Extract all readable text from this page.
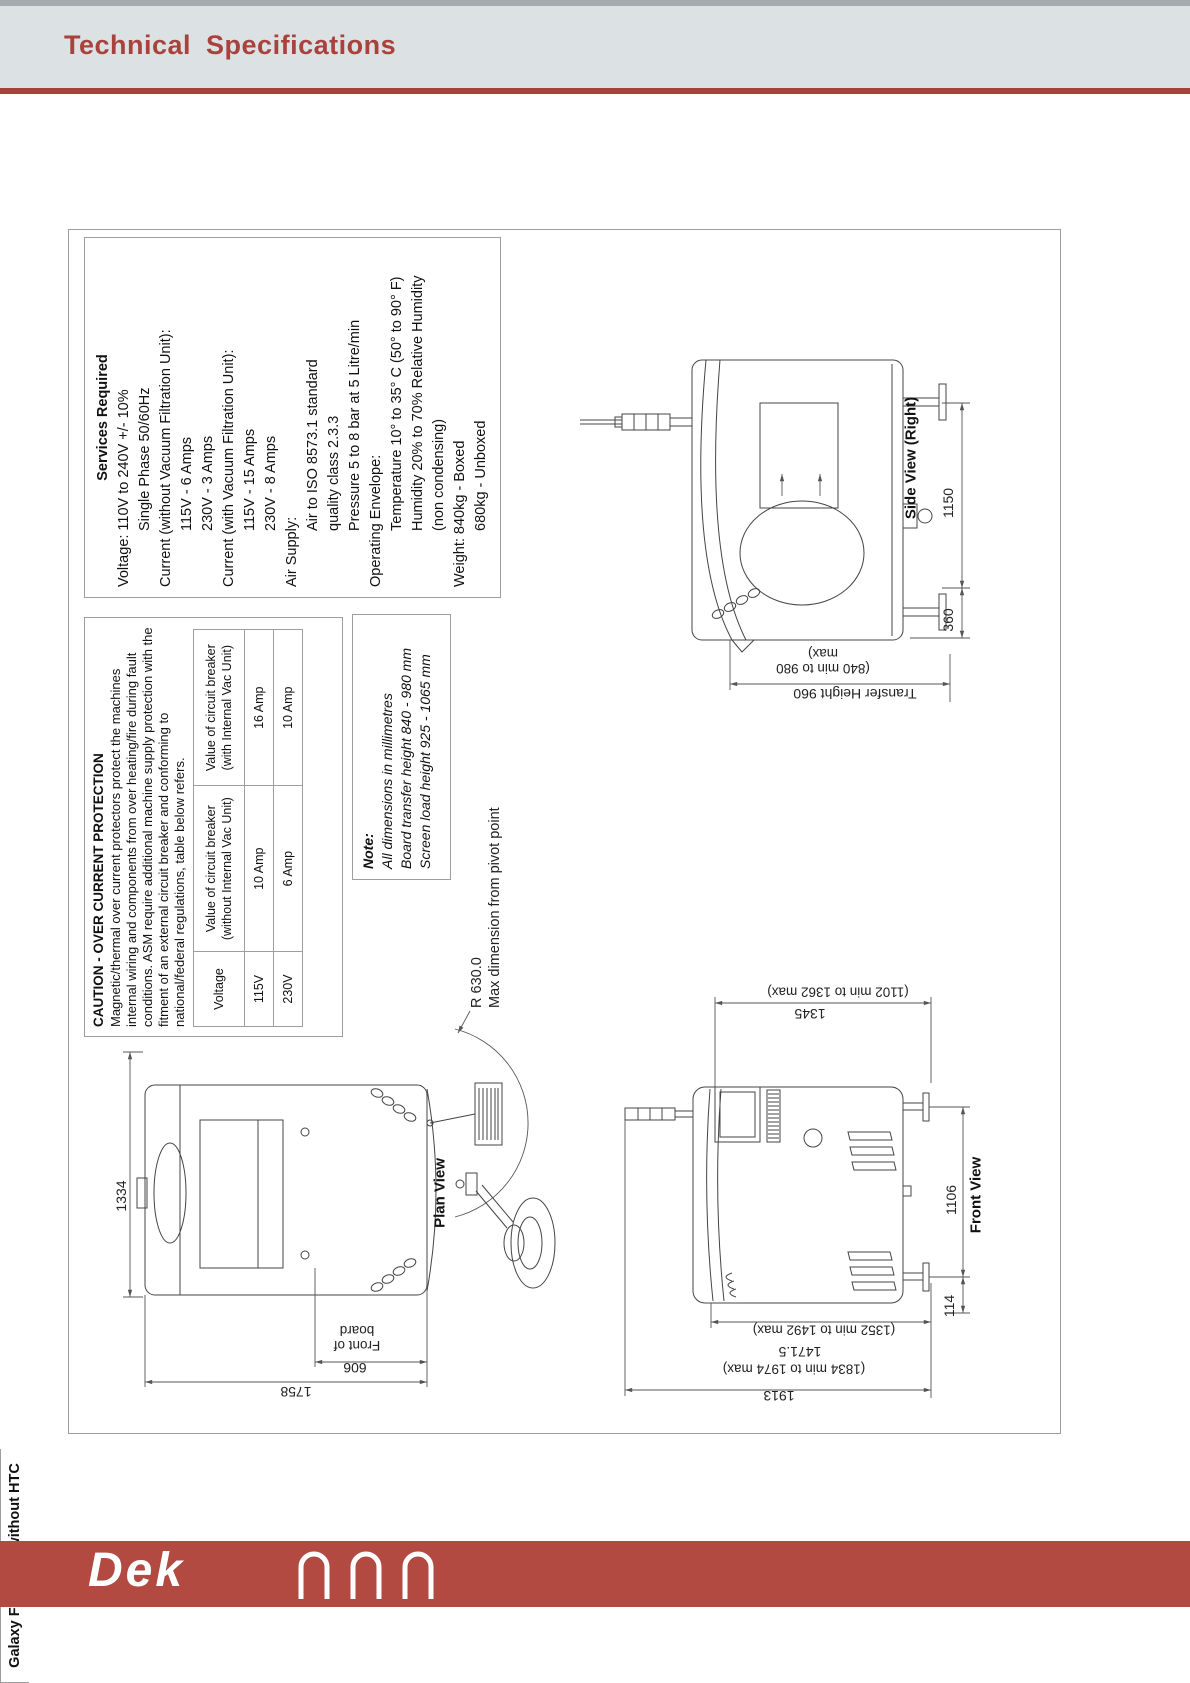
Services Required Voltage: 110V to 240V +/- 10% Single Phase 50/60Hz Current (without Vacuum Filtration Unit): 115V - 6 Amps 230V - 3 Amps Current (with Vacuum Filtration Unit): 115V - 15 Amps 230V - 8 Amps
Air Supply:
Air to ISO 8573.1 standard quality class 2.3.3 Pressure 5 to 8 bar at 5 Litre/min Operating Envelope: Temperature 10° to 35° C (50° to 90° F) Humidity 20% to 70% Relative Humidity (non condensing) Weight: 840kg - Boxed 680kg - Unboxed
CAUTION - OVER CURRENT PROTECTION Magnetic/thermal over current protectors protect the machines internal wiring and components from over heating/fire during fault conditions. ASM require additional machine supply protection with the fitment of an external circuit breaker and conforming to national/federal regulations, table below refers. Voltage	Value of circuit breaker (without Internal Vac Unit)	Value of circuit breaker (with Internal Vac Unit)
115V	10 Amp	16 Amp
230V	6 Amp	10 Amp
Note: All dimensions in millimetres Board transfer height 840 - 980 mm Screen load height 925 - 1065 mm
R 630.0 Max dimension from pivot point
Plan View
Side View (Right)
Front View
1334
1758
606
Front of board
1150
360
Transfer Height 960
(840 min to 980 max)
1345
(1102 min to 1362 max)
1471.5
(1352 min to 1492 max)
1913
(1834 min to 1974 max)
1106
114
Technical Specifications
Dek
